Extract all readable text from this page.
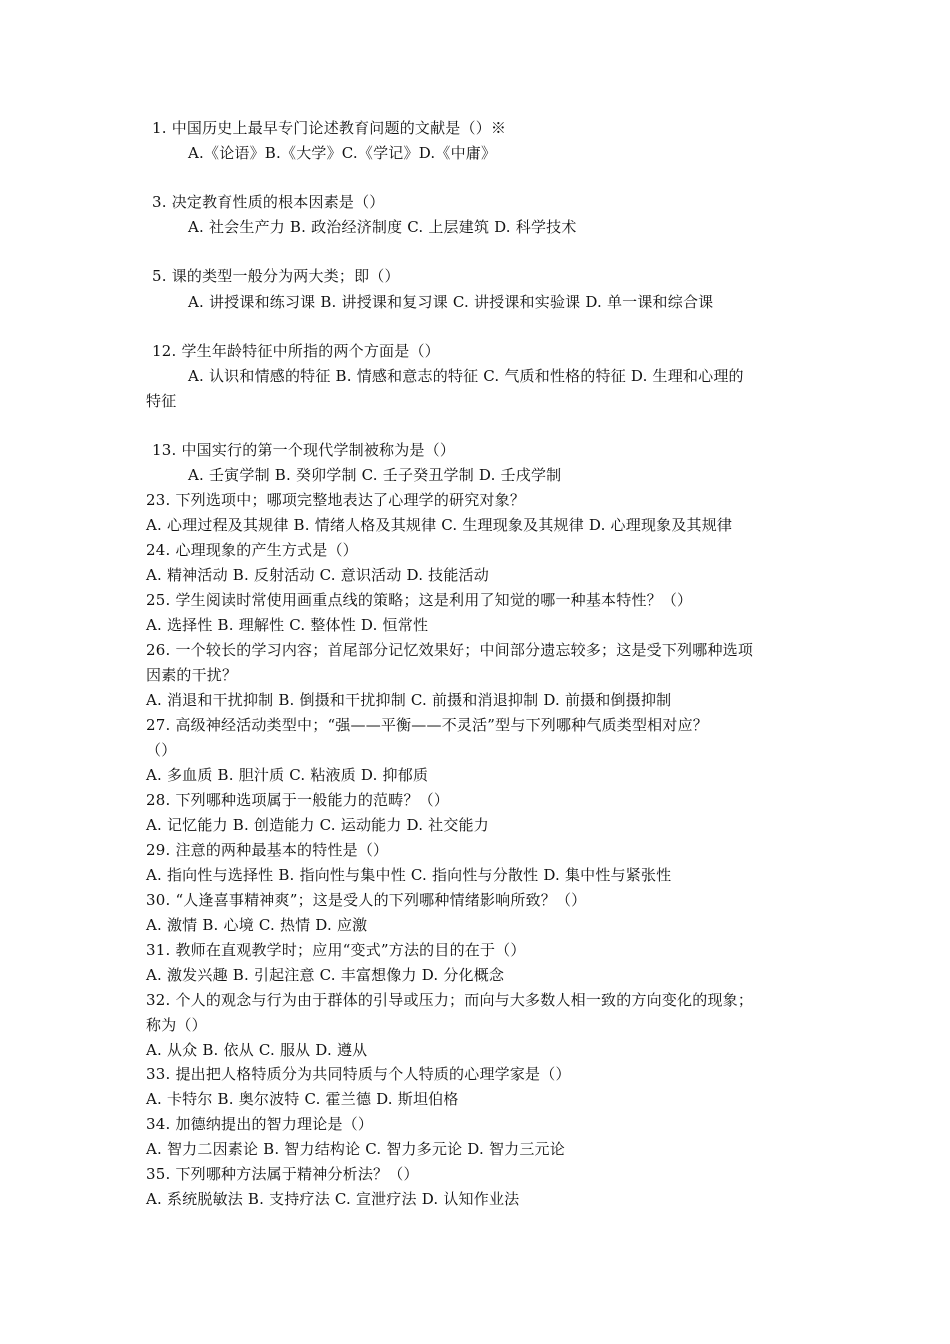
1. 中国历史上最早专门论述教育问题的文献是（）※
A.《论语》B.《大学》C.《学记》D.《中庸》
3. 决定教育性质的根本因素是（）
A. 社会生产力 B. 政治经济制度 C. 上层建筑 D. 科学技术
5. 课的类型一般分为两大类；即（）
A. 讲授课和练习课 B. 讲授课和复习课 C. 讲授课和实验课 D. 单一课和综合课
12. 学生年龄特征中所指的两个方面是（）
A. 认识和情感的特征 B. 情感和意志的特征 C. 气质和性格的特征 D. 生理和心理的
特征
13. 中国实行的第一个现代学制被称为是（）
A. 壬寅学制 B. 癸卯学制 C. 壬子癸丑学制 D. 壬戌学制
23. 下列选项中；哪项完整地表达了心理学的研究对象？
A. 心理过程及其规律 B. 情绪人格及其规律 C. 生理现象及其规律 D. 心理现象及其规律
24. 心理现象的产生方式是（）
A. 精神活动 B. 反射活动 C. 意识活动 D. 技能活动
25. 学生阅读时常使用画重点线的策略；这是利用了知觉的哪一种基本特性？（）
A. 选择性 B. 理解性 C. 整体性 D. 恒常性
26. 一个较长的学习内容；首尾部分记忆效果好；中间部分遗忘较多；这是受下列哪种选项
因素的干扰？
A. 消退和干扰抑制 B. 倒摄和干扰抑制 C. 前摄和消退抑制 D. 前摄和倒摄抑制
27. 高级神经活动类型中；“强——平衡——不灵活”型与下列哪种气质类型相对应？
（）
A. 多血质 B. 胆汁质 C. 粘液质 D. 抑郁质
28. 下列哪种选项属于一般能力的范畴？（）
A. 记忆能力 B. 创造能力 C. 运动能力 D. 社交能力
29. 注意的两种最基本的特性是（）
A. 指向性与选择性 B. 指向性与集中性 C. 指向性与分散性 D. 集中性与紧张性
30. “人逢喜事精神爽”；这是受人的下列哪种情绪影响所致？（）
A. 激情 B. 心境 C. 热情 D. 应激
31. 教师在直观教学时；应用“变式”方法的目的在于（）
A. 激发兴趣 B. 引起注意 C. 丰富想像力 D. 分化概念
32. 个人的观念与行为由于群体的引导或压力；而向与大多数人相一致的方向变化的现象；
称为（）
A. 从众 B. 依从 C. 服从 D. 遵从
33. 提出把人格特质分为共同特质与个人特质的心理学家是（）
A. 卡特尔 B. 奥尔波特 C. 霍兰德 D. 斯坦伯格
34. 加德纳提出的智力理论是（）
A. 智力二因素论 B. 智力结构论 C. 智力多元论 D. 智力三元论
35. 下列哪种方法属于精神分析法？（）
A. 系统脱敏法 B. 支持疗法 C. 宣泄疗法 D. 认知作业法
